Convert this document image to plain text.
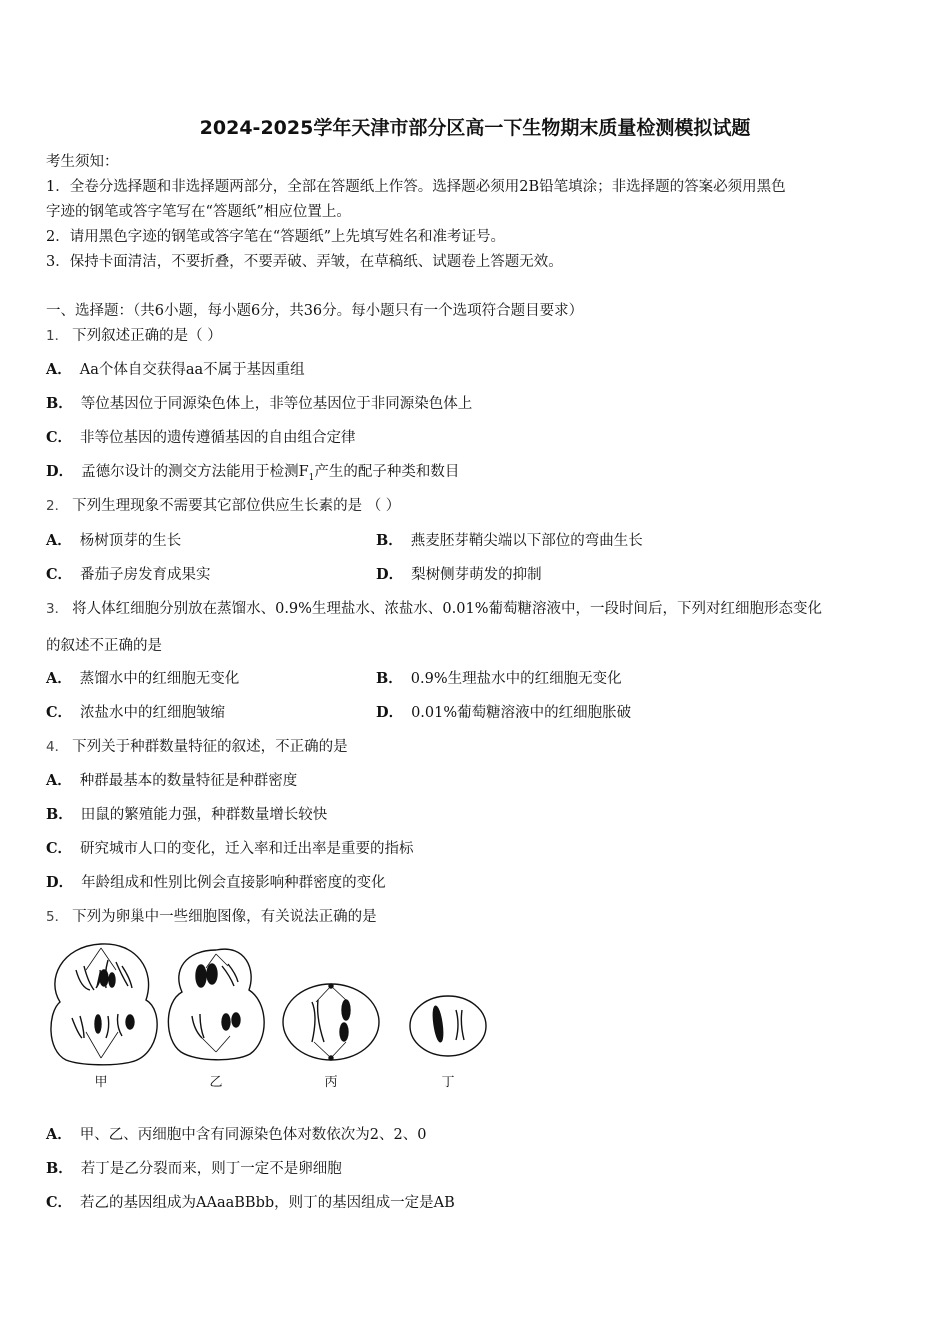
2024-2025学年天津市部分区高一下生物期末质量检测模拟试题
考生须知：
1．全卷分选择题和非选择题两部分，全部在答题纸上作答。选择题必须用2B铅笔填涂；非选择题的答案必须用黑色
字迹的钢笔或答字笔写在“答题纸”相应位置上。
2．请用黑色字迹的钢笔或答字笔在“答题纸”上先填写姓名和准考证号。
3．保持卡面清洁，不要折叠，不要弄破、弄皱，在草稿纸、试题卷上答题无效。
一、选择题：（共6小题，每小题6分，共36分。每小题只有一个选项符合题目要求）
1． 下列叙述正确的是（ ）
A． Aa个体自交获得aa不属于基因重组
B． 等位基因位于同源染色体上，非等位基因位于非同源染色体上
C． 非等位基因的遗传遵循基因的自由组合定律
D． 孟德尔设计的测交方法能用于检测$F_1$产生的配子种类和数目
2． 下列生理现象不需要其它部位供应生长素的是 （ ）
A． 杨树顶芽的生长	B． 燕麦胚芽鞘尖端以下部位的弯曲生长
C． 番茄子房发育成果实	D． 梨树侧芽萌发的抑制
3． 将人体红细胞分别放在蒸馏水、0.9%生理盐水、浓盐水、0.01%葡萄糖溶液中，一段时间后，下列对红细胞形态变化
的叙述不正确的是
A． 蒸馏水中的红细胞无变化	B． 0.9%生理盐水中的红细胞无变化
C． 浓盐水中的红细胞皱缩	D． 0.01%葡萄糖溶液中的红细胞胀破
4． 下列关于种群数量特征的叙述，不正确的是
A． 种群最基本的数量特征是种群密度
B． 田鼠的繁殖能力强，种群数量增长较快
C． 研究城市人口的变化，迁入率和迁出率是重要的指标
D． 年龄组成和性别比例会直接影响种群密度的变化
5． 下列为卵巢中一些细胞图像，有关说法正确的是
甲	乙	丙	丁
A． 甲、乙、丙细胞中含有同源染色体对数依次为2、2、0
B． 若丁是乙分裂而来，则丁一定不是卵细胞
C． 若乙的基因组成为AAaaBBbb，则丁的基因组成一定是AB
